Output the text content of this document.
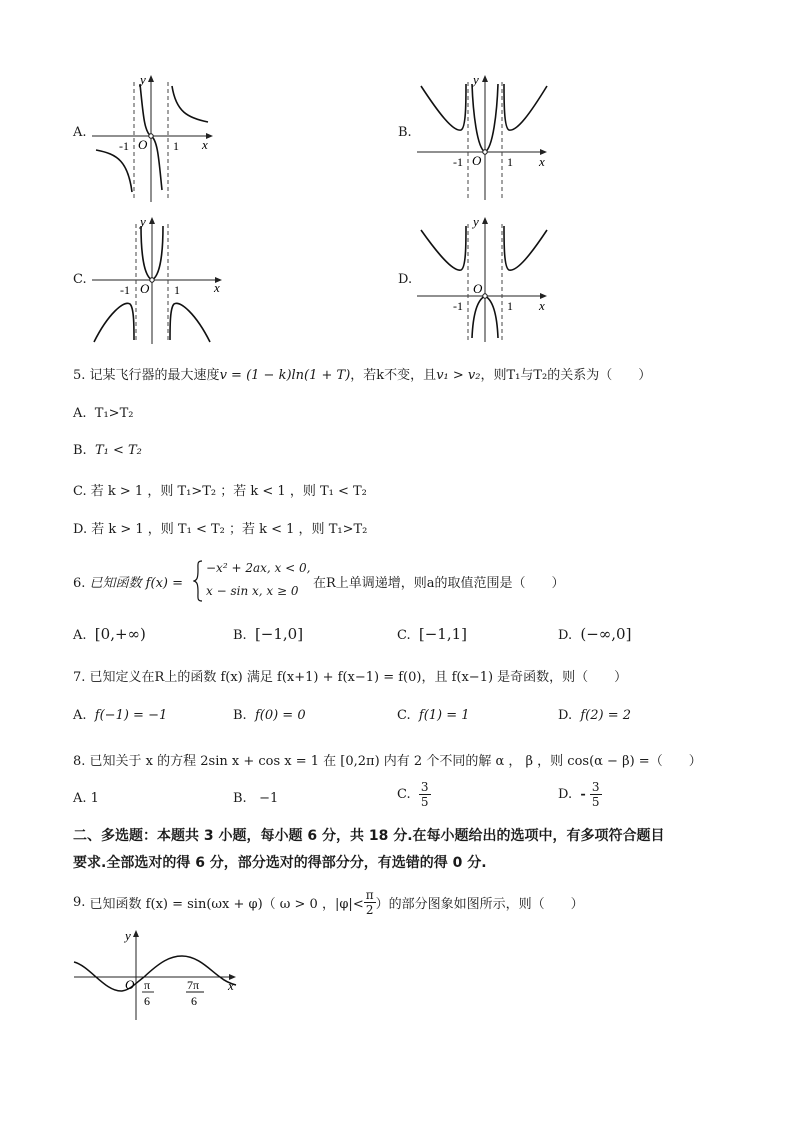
A.
-1 O 1 x
y
B.
-1 O 1 x
y
C.
-1 O 1	x
y
D.
-1
O
1 x
y
5. 记某飞行器的最大速度v = (1 − k)ln(1 + T)，若k不变，且v₁ > v₂，则T₁与T₂的关系为（　　）
A. T₁>T₂
B. T₁ < T₂
C. 若 k > 1 ，则 T₁>T₂ ；若 k < 1 ，则 T₁ < T₂
D. 若 k > 1 ，则 T₁ < T₂ ；若 k < 1 ，则 T₁>T₂
6. 已知函数 f(x) =
−x² + 2ax, x < 0,
x − sin x, x ≥ 0 在R上单调递增，则a的取值范围是（　　）
A. [0,+∞)	B. [−1,0]	C. [−1,1]	D. (−∞,0]
7. 已知定义在R上的函数 f(x) 满足 f(x+1) + f(x−1) = f(0)，且 f(x−1) 是奇函数，则（　　）
A. f(−1) = −1	B. f(0) = 0	C. f(1) = 1	D. f(2) = 2
8. 已知关于 x 的方程 2sin x + cos x = 1 在 [0,2π) 内有 2 个不同的解 α ， β ，则 cos(α − β) =（　　）
A. 1	B. −1	C. $\frac{3}{5}$	D. - $\frac{3}{5}$
二、多选题：本题共 3 小题，每小题 6 分，共 18 分.在每小题给出的选项中，有多项符合题目
要求.全部选对的得 6 分，部分选对的得部分分，有选错的得 0 分.
9. 已知函数 f(x) = sin(ωx + φ)（ ω > 0 ，$|\varphi|< \frac{\pi}{2}$ ）的部分图象如图所示，则（　　）
O	x
y
π
6
7π
6
